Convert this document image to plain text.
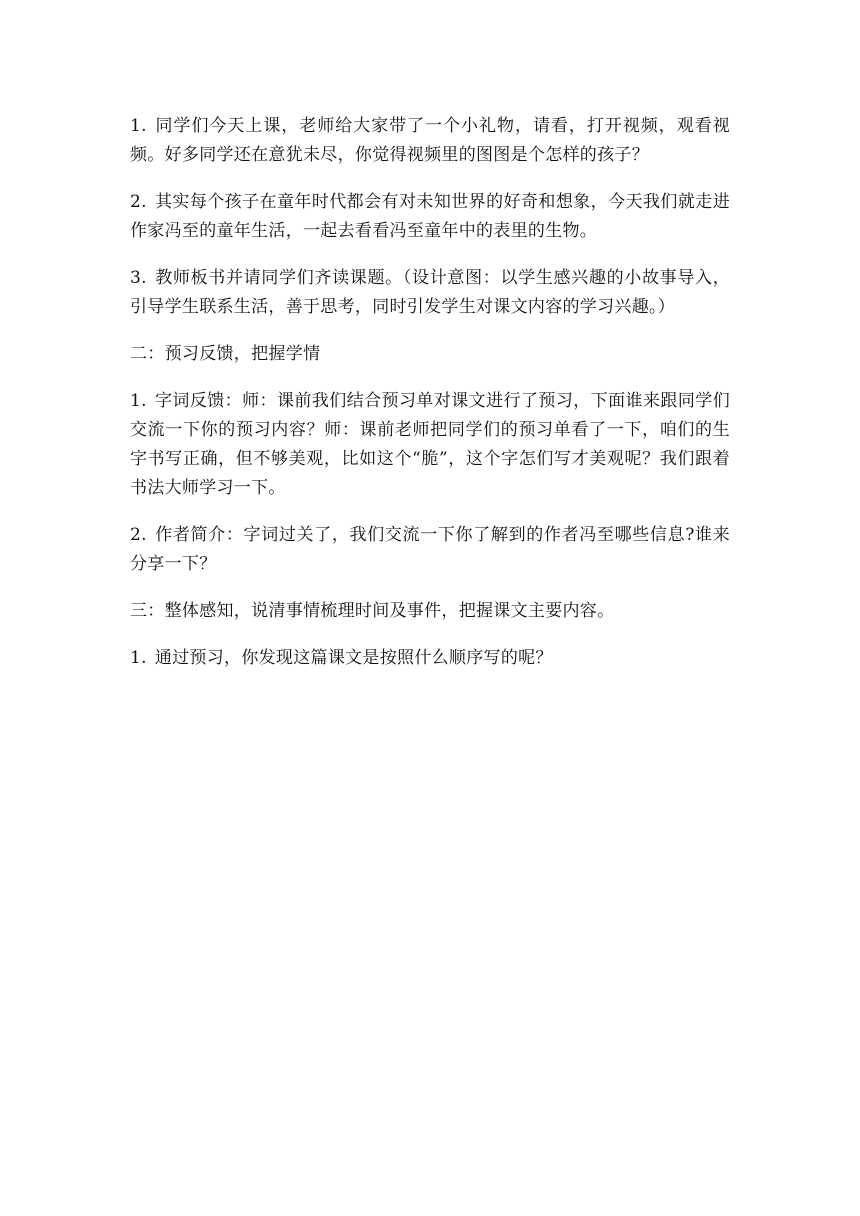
1. 同学们今天上课，老师给大家带了一个小礼物，请看，打开视频，观看视频。好多同学还在意犹未尽，你觉得视频里的图图是个怎样的孩子？

2. 其实每个孩子在童年时代都会有对未知世界的好奇和想象，今天我们就走进作家冯至的童年生活，一起去看看冯至童年中的表里的生物。

3. 教师板书并请同学们齐读课题。（设计意图：以学生感兴趣的小故事导入，引导学生联系生活，善于思考，同时引发学生对课文内容的学习兴趣。）

二：预习反馈，把握学情

1. 字词反馈：师：课前我们结合预习单对课文进行了预习，下面谁来跟同学们交流一下你的预习内容？师：课前老师把同学们的预习单看了一下，咱们的生字书写正确，但不够美观，比如这个“脆”，这个字怎们写才美观呢？我们跟着书法大师学习一下。

2. 作者简介：字词过关了，我们交流一下你了解到的作者冯至哪些信息?谁来分享一下？

三：整体感知，说清事情梳理时间及事件，把握课文主要内容。

1. 通过预习，你发现这篇课文是按照什么顺序写的呢？
